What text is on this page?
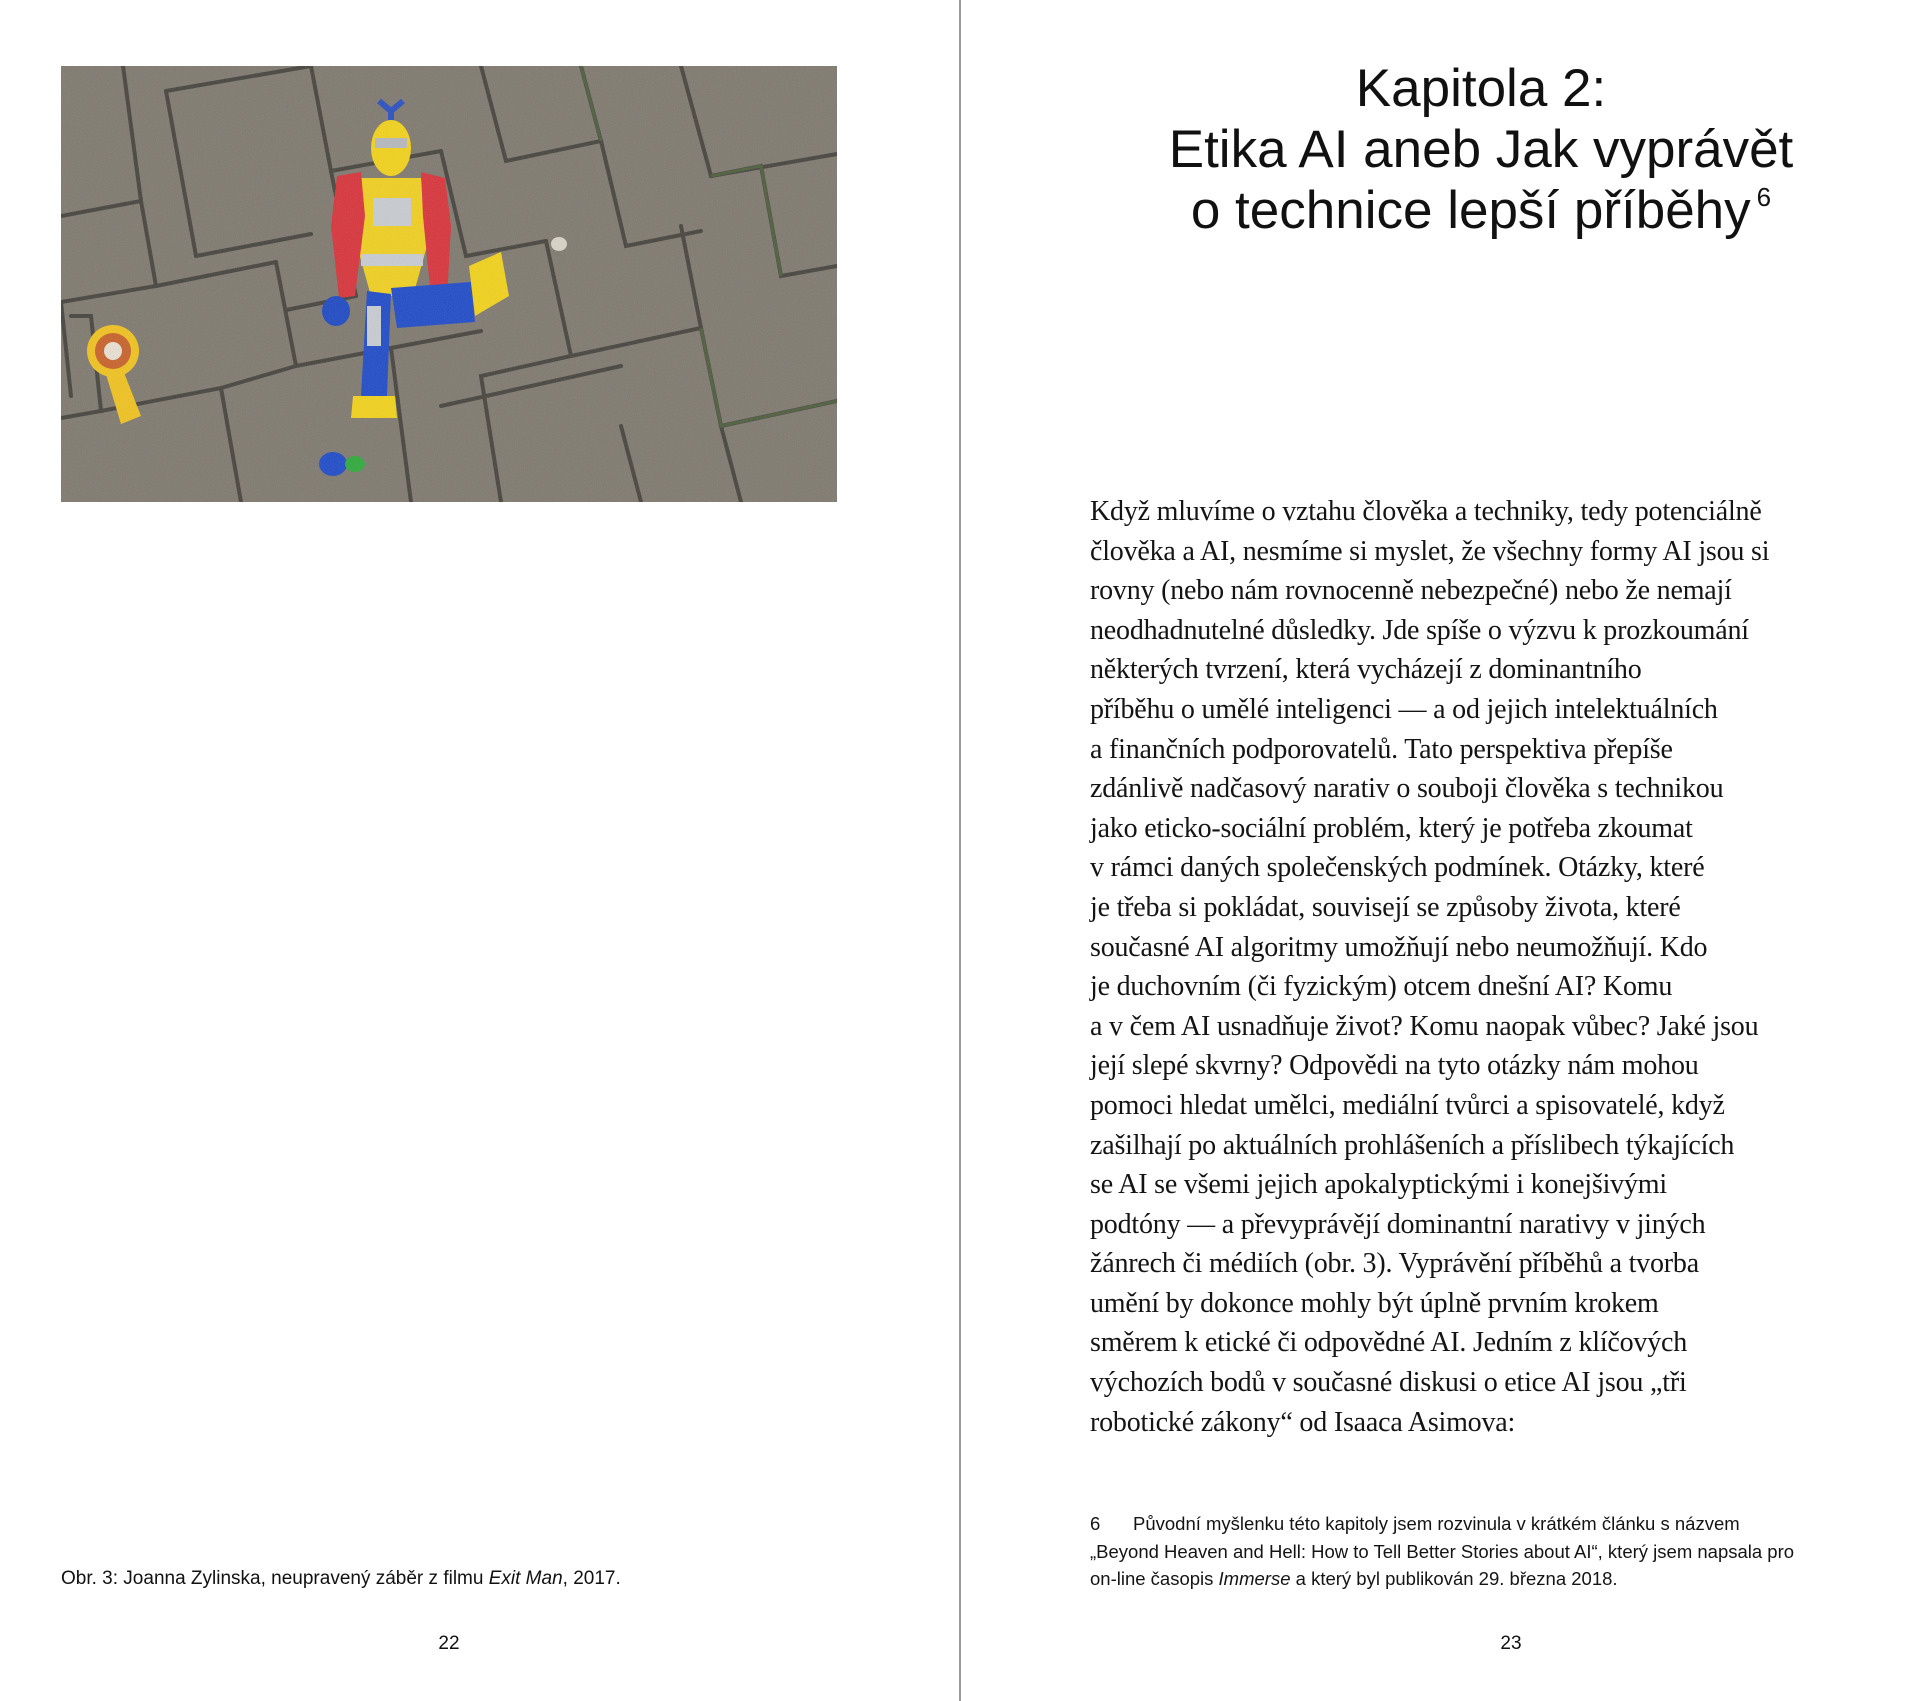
Obr. 3: Joanna Zylinska, neupravený záběr z filmu Exit Man, 2017.
22
Kapitola 2:
Etika AI aneb Jak vyprávět
o technice lepší příběhy $^6$
Když mluvíme o vztahu člověka a techniky, tedy potenciálně
člověka a AI, nesmíme si myslet, že všechny formy AI jsou si
rovny (nebo nám rovnocenně nebezpečné) nebo že nemají
neodhadnutelné důsledky. Jde spíše o výzvu k prozkoumání
některých tvrzení, která vycházejí z dominantního
příběhu o umělé inteligenci — a od jejich intelektuálních
a finančních podporovatelů. Tato perspektiva přepíše
zdánlivě nadčasový narativ o souboji člověka s technikou
jako eticko-sociální problém, který je potřeba zkoumat
v rámci daných společenských podmínek. Otázky, které
je třeba si pokládat, souvisejí se způsoby života, které
současné AI algoritmy umožňují nebo neumožňují. Kdo
je duchovním (či fyzickým) otcem dnešní AI? Komu
a v čem AI usnadňuje život? Komu naopak vůbec? Jaké jsou
její slepé skvrny? Odpovědi na tyto otázky nám mohou
pomoci hledat umělci, mediální tvůrci a spisovatelé, když
zašilhají po aktuálních prohlášeních a příslibech týkajících
se AI se všemi jejich apokalyptickými i konejšivými
podtóny — a převyprávějí dominantní narativy v jiných
žánrech či médiích (obr. 3). Vyprávění příběhů a tvorba
umění by dokonce mohly být úplně prvním krokem
směrem k etické či odpovědné AI. Jedním z klíčových
výchozích bodů v současné diskusi o etice AI jsou „tři
robotické zákony“ od Isaaca Asimova:
6 Původní myšlenku této kapitoly jsem rozvinula v krátkém článku s názvem
„Beyond Heaven and Hell: How to Tell Better Stories about AI“, který jsem napsala pro
on-line časopis Immerse a který byl publikován 29. března 2018.
23
